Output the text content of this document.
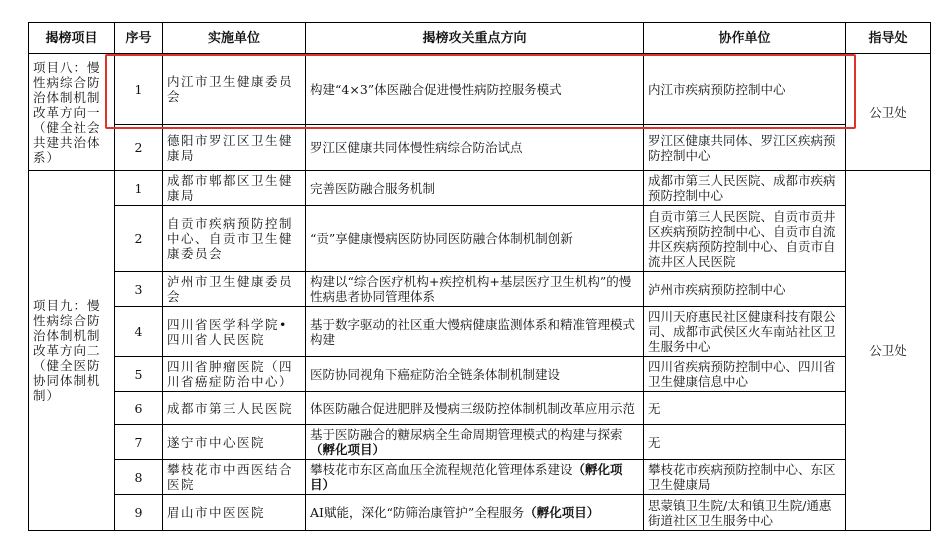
揭榜项目	序号	实施单位	揭榜攻关重点方向	协作单位	指导处
项目八：慢性病综合防治体制机制改革方向一（健全社会共建共治体系）	1	内江市卫生健康委员会	构建“4×3”体医融合促进慢性病防控服务模式	内江市疾病预防控制中心	公卫处
	2	德阳市罗江区卫生健康局	罗江区健康共同体慢性病综合防治试点	罗江区健康共同体、罗江区疾病预防控制中心	
项目九：慢性病综合防治体制机制改革方向二（健全医防协同体制机制）	1	成都市郫都区卫生健康局	完善医防融合服务机制	成都市第三人民医院、成都市疾病预防控制中心	公卫处
	2	自贡市疾病预防控制中心、自贡市卫生健康委员会	“贡”享健康慢病医防协同医防融合体制机制创新	自贡市第三人民医院、自贡市贡井区疾病预防控制中心、自贡市自流井区疾病预防控制中心、自贡市自流井区人民医院	
	3	泸州市卫生健康委员会	构建以“综合医疗机构+疾控机构+基层医疗卫生机构”的慢性病患者协同管理体系	泸州市疾病预防控制中心	
	4	四川省医学科学院•四川省人民医院	基于数字驱动的社区重大慢病健康监测体系和精准管理模式构建	四川天府惠民社区健康科技有限公司、成都市武侯区火车南站社区卫生服务中心	
	5	四川省肿瘤医院（四川省癌症防治中心）	医防协同视角下癌症防治全链条体制机制建设	四川省疾病预防控制中心、四川省卫生健康信息中心	
	6	成都市第三人民医院	体医防融合促进肥胖及慢病三级防控体制机制改革应用示范	无	
	7	遂宁市中心医院	基于医防融合的糖尿病全生命周期管理模式的构建与探索（孵化项目）	无	
	8	攀枝花市中西医结合医院	攀枝花市东区高血压全流程规范化管理体系建设（孵化项目）	攀枝花市疾病预防控制中心、东区卫生健康局	
	9	眉山市中医医院	AI赋能，深化“防筛治康管护”全程服务（孵化项目）	思蒙镇卫生院/太和镇卫生院/通惠街道社区卫生服务中心	
